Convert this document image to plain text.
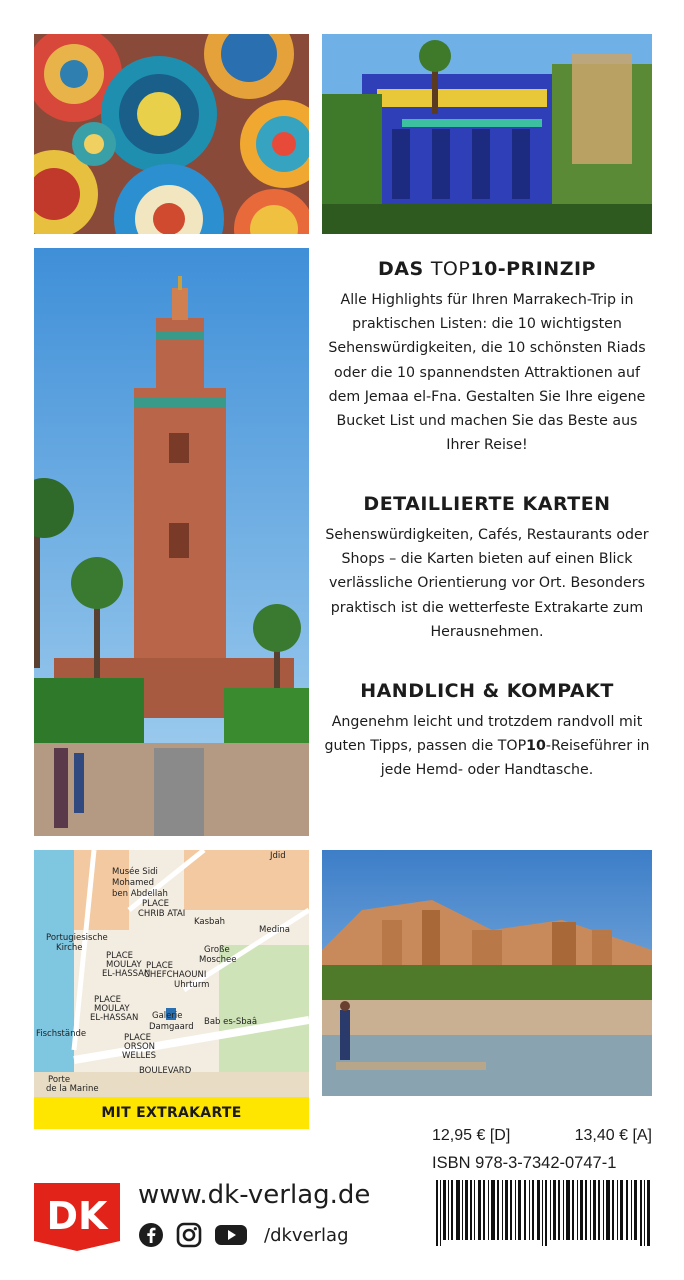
DAS TOP10-PRINZIP

Alle Highlights für Ihren Marrakech-Trip in praktischen Listen: die 10 wichtigsten Sehenswürdigkeiten, die 10 schönsten Riads oder die 10 spannendsten Attraktionen auf dem Jemaa el-Fna. Gestalten Sie Ihre eigene Bucket List und machen Sie das Beste aus Ihrer Reise!

DETAILLIERTE KARTEN

Sehenswürdigkeiten, Cafés, Restaurants oder Shops – die Karten bieten auf einen Blick verlässliche Orientierung vor Ort. Besonders praktisch ist die wetterfeste Extrakarte zum Herausnehmen.

HANDLICH & KOMPAKT

Angenehm leicht und trotzdem randvoll mit guten Tipps, passen die TOP10-Reiseführer in jede Hemd- oder Handtasche.

Musée Sidi
Mohamed
ben Abdellah
Kasbah
Medina
PLACE
CHRIB ATAI
Portugiesische
Kirche	Große
Moschee
PLACE
MOULAY
EL-HASSAN
PLACE
CHEFCHAOUNI
Uhrturm
PLACE
MOULAY
EL-HASSAN Galerie
Damgaard Bab es-Sbaâ
Fischstände	PLACE
ORSON
WELLES
BOULEVARD
Porte
de la Marine
Jdid
MIT EXTRAKARTE
12,95 € [D]	13,40 € [A]
ISBN 978-3-7342-0747-1
DK www.dk-verlag.de
/dkverlag
